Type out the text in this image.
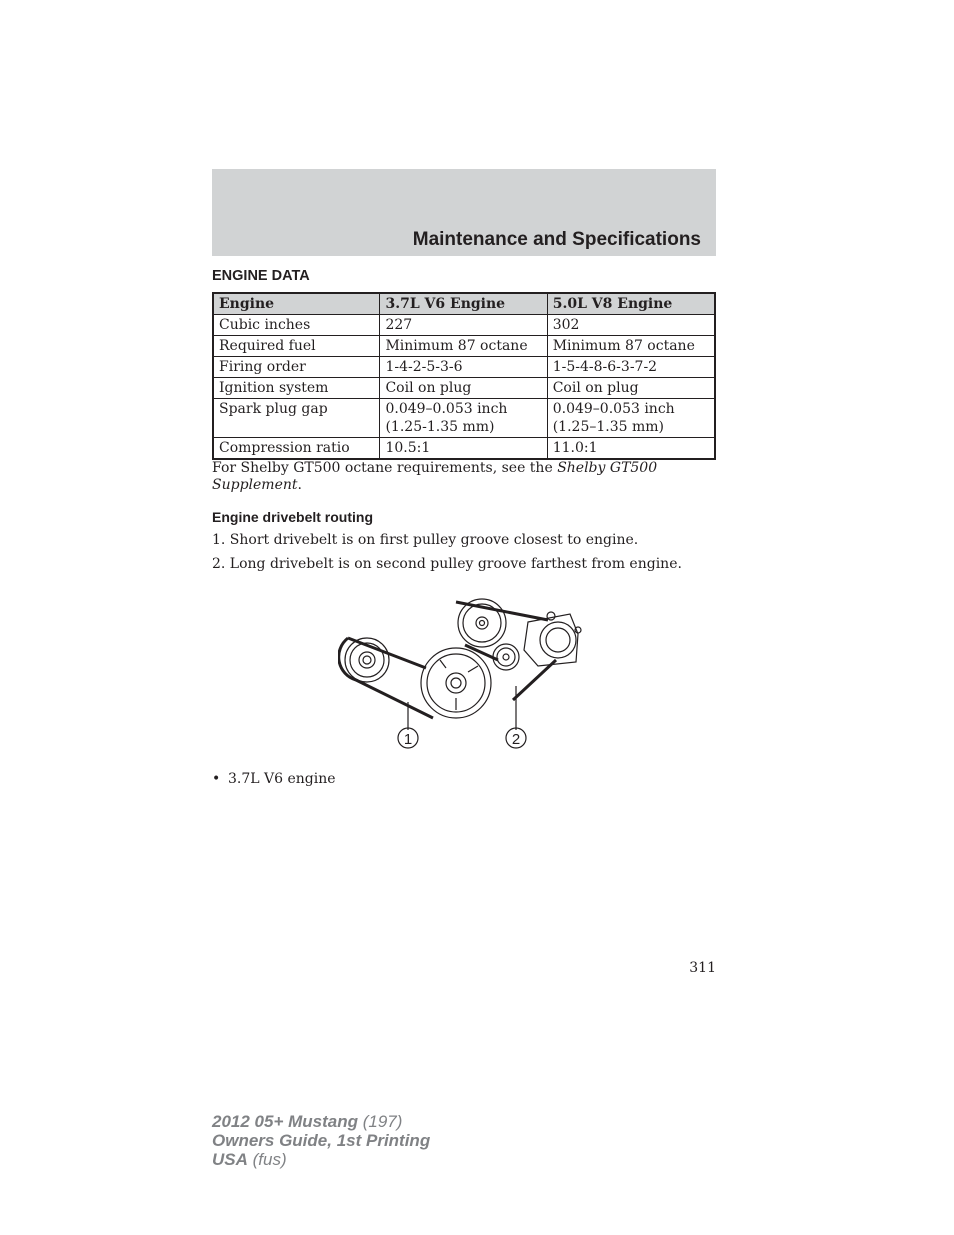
Maintenance and Specifications
ENGINE DATA
Engine	3.7L V6 Engine	5.0L V8 Engine
Cubic inches	227	302
Required fuel	Minimum 87 octane	Minimum 87 octane
Firing order	1-4-2-5-3-6	1-5-4-8-6-3-7-2
Ignition system	Coil on plug	Coil on plug
Spark plug gap	0.049–0.053 inch (1.25-1.35 mm)	0.049–0.053 inch (1.25–1.35 mm)
Compression ratio	10.5:1	11.0:1
For Shelby GT500 octane requirements, see the Shelby GT500 Supplement.
Engine drivebelt routing
1. Short drivebelt is on first pulley groove closest to engine.
2. Long drivebelt is on second pulley groove farthest from engine.
1	2
• 3.7L V6 engine
311
2012 05+ Mustang (197)
Owners Guide, 1st Printing
USA (fus)
